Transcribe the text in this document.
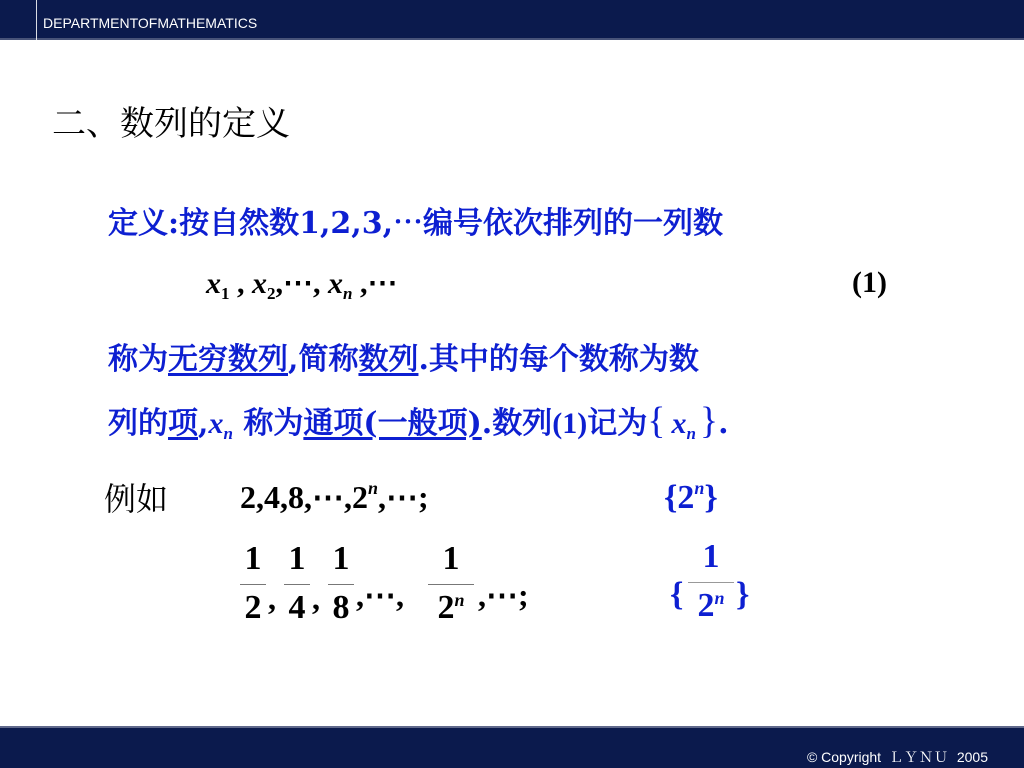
DEPARTMENTOFMATHEMATICS
二、数列的定义
定义:按自然数1,2,3,⋯编号依次排列的一列数
$x_1$ , $x_2,\cdots$, $x_n$ ,⋯	(1)
称为无穷数列,简称数列.其中的每个数称为数
列的项$,x_n$ 称为通项(一般项).数列(1)记为{ $x_n$ }.
例如 2,4,8,⋯,2$^n$,⋯;	{2$^n$}
1
2 ,
1
4 ,
1
8 ,⋯,
1
2$^n$ ,⋯;	{
1
2$^n$ }
© Copyright ＬＹＮＵ 2005
